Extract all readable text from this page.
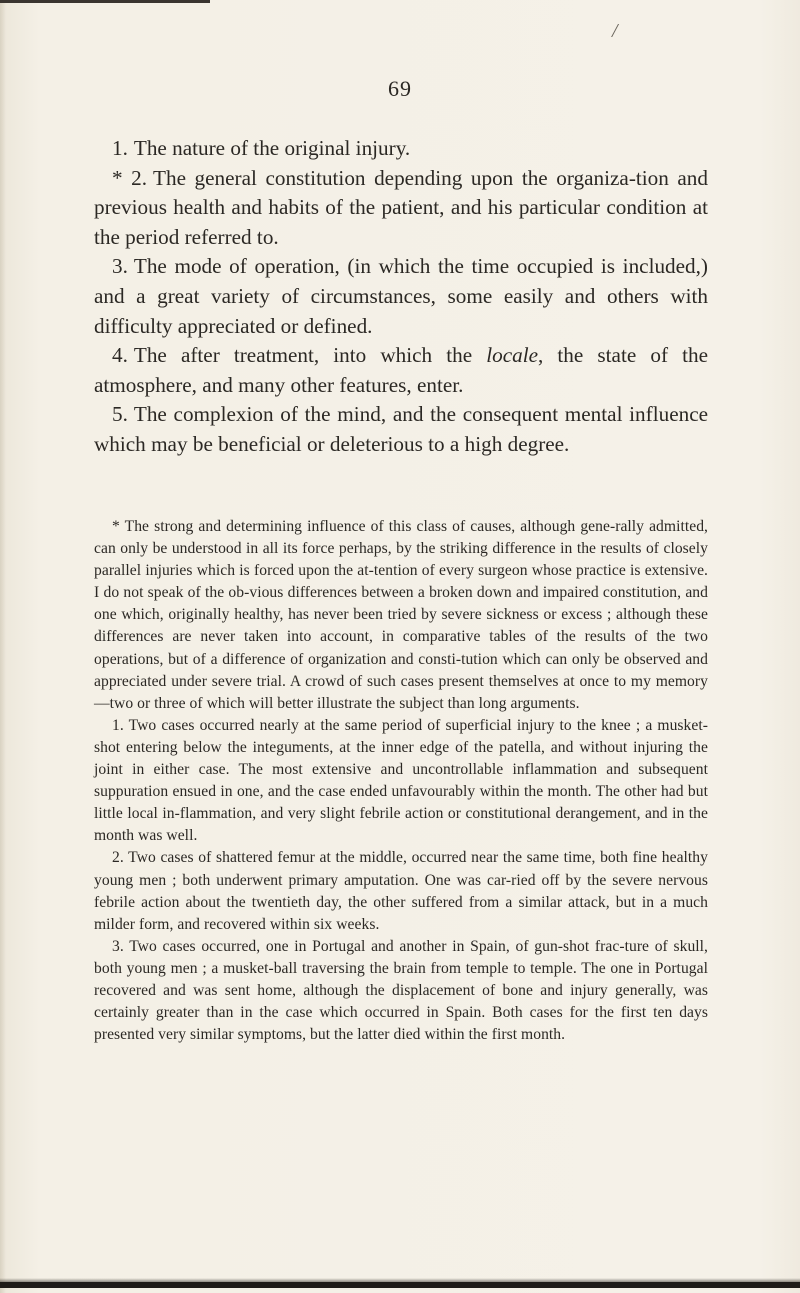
/
69

1. The nature of the original injury.

* 2. The general constitution depending upon the organiza-tion and previous health and habits of the patient, and his particular condition at the period referred to.

3. The mode of operation, (in which the time occupied is included,) and a great variety of circumstances, some easily and others with difficulty appreciated or defined.

4. The after treatment, into which the locale, the state of the atmosphere, and many other features, enter.

5. The complexion of the mind, and the consequent mental influence which may be beneficial or deleterious to a high degree.

* The strong and determining influence of this class of causes, although gene-rally admitted, can only be understood in all its force perhaps, by the striking difference in the results of closely parallel injuries which is forced upon the at-tention of every surgeon whose practice is extensive. I do not speak of the ob-vious differences between a broken down and impaired constitution, and one which, originally healthy, has never been tried by severe sickness or excess ; although these differences are never taken into account, in comparative tables of the results of the two operations, but of a difference of organization and consti-tution which can only be observed and appreciated under severe trial. A crowd of such cases present themselves at once to my memory—two or three of which will better illustrate the subject than long arguments.

1. Two cases occurred nearly at the same period of superficial injury to the knee ; a musket-shot entering below the integuments, at the inner edge of the patella, and without injuring the joint in either case. The most extensive and uncontrollable inflammation and subsequent suppuration ensued in one, and the case ended unfavourably within the month. The other had but little local in-flammation, and very slight febrile action or constitutional derangement, and in the month was well.

2. Two cases of shattered femur at the middle, occurred near the same time, both fine healthy young men ; both underwent primary amputation. One was car-ried off by the severe nervous febrile action about the twentieth day, the other suffered from a similar attack, but in a much milder form, and recovered within six weeks.

3. Two cases occurred, one in Portugal and another in Spain, of gun-shot frac-ture of skull, both young men ; a musket-ball traversing the brain from temple to temple. The one in Portugal recovered and was sent home, although the displacement of bone and injury generally, was certainly greater than in the case which occurred in Spain. Both cases for the first ten days presented very similar symptoms, but the latter died within the first month.
